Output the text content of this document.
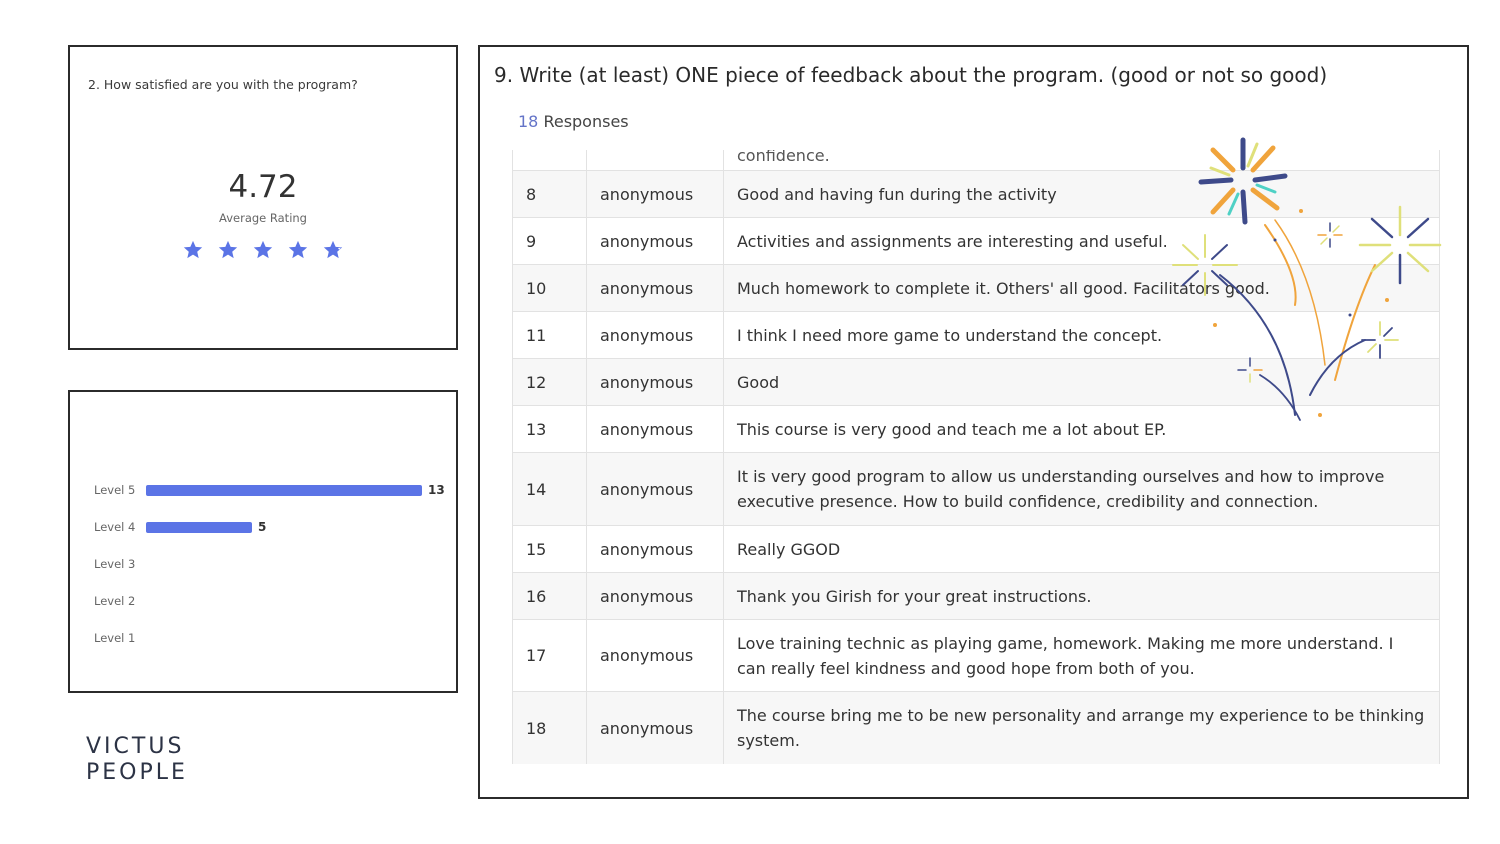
2. How satisfied are you with the program?
4.72
Average Rating
Level 5	13
Level 4	5
Level 3
Level 2
Level 1
VICTUS
PEOPLE
9. Write (at least) ONE piece of feedback about the program. (good or not so good)
18 Responses
		confidence.
8	anonymous	Good and having fun during the activity
9	anonymous	Activities and assignments are interesting and useful.
10	anonymous	Much homework to complete it. Others' all good. Facilitators good.
11	anonymous	I think I need more game to understand the concept.
12	anonymous	Good
13	anonymous	This course is very good and teach me a lot about EP.
14	anonymous	It is very good program to allow us understanding ourselves and how to improve executive presence. How to build confidence, credibility and connection.
15	anonymous	Really GGOD
16	anonymous	Thank you Girish for your great instructions.
17	anonymous	Love training technic as playing game, homework. Making me more understand. I can really feel kindness and good hope from both of you.
18	anonymous	The course bring me to be new personality and arrange my experience to be thinking system.
